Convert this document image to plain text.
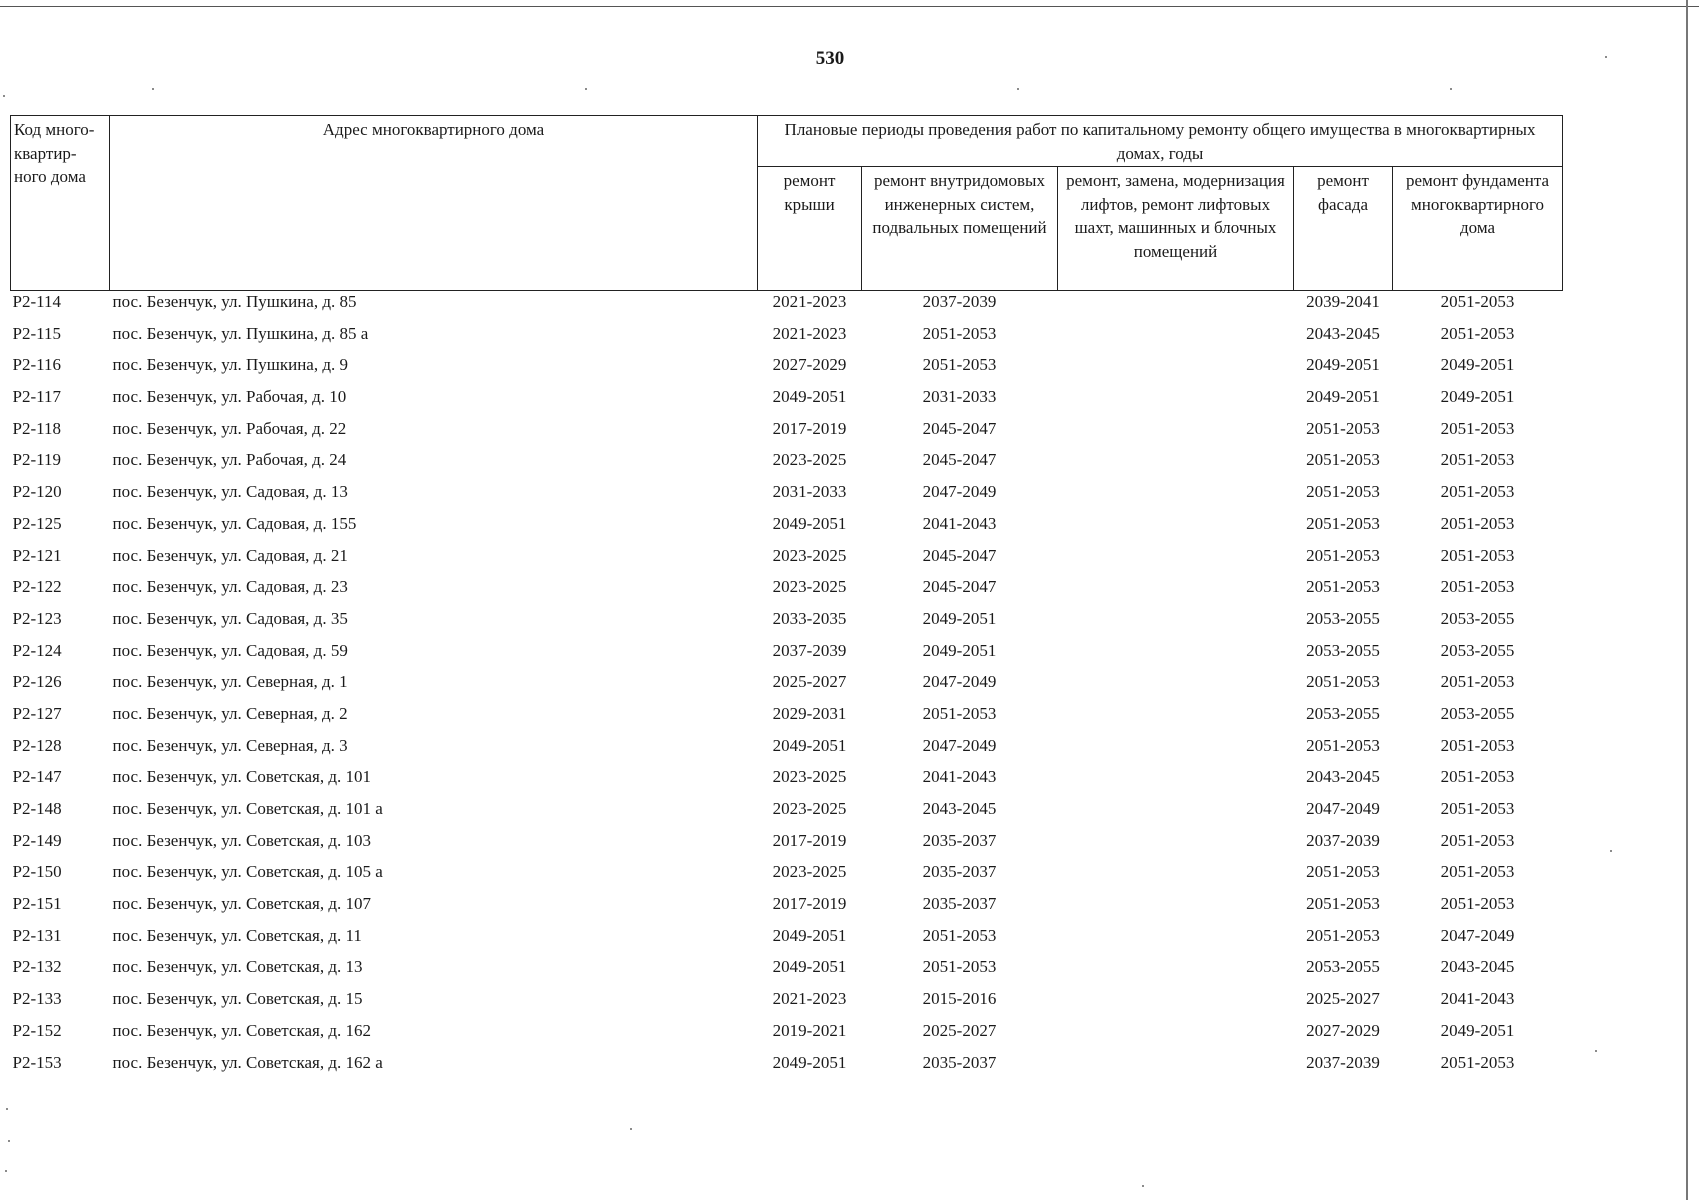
530
Код много-квартир-ного дома	Адрес многоквартирного дома	Плановые периоды проведения работ по капитальному ремонту общего имущества в многоквартирных домах, годы				
		ремонт крыши	ремонт внутридомовых инженерных систем, подвальных помещений	ремонт, замена, модернизация лифтов, ремонт лифтовых шахт, машинных и блочных помещений	ремонт фасада	ремонт фундамента многоквартирного дома
Р2-114	пос. Безенчук, ул. Пушкина, д. 85	2021-2023	2037-2039		2039-2041	2051-2053
Р2-115	пос. Безенчук, ул. Пушкина, д. 85 а	2021-2023	2051-2053		2043-2045	2051-2053
Р2-116	пос. Безенчук, ул. Пушкина, д. 9	2027-2029	2051-2053		2049-2051	2049-2051
Р2-117	пос. Безенчук, ул. Рабочая, д. 10	2049-2051	2031-2033		2049-2051	2049-2051
Р2-118	пос. Безенчук, ул. Рабочая, д. 22	2017-2019	2045-2047		2051-2053	2051-2053
Р2-119	пос. Безенчук, ул. Рабочая, д. 24	2023-2025	2045-2047		2051-2053	2051-2053
Р2-120	пос. Безенчук, ул. Садовая, д. 13	2031-2033	2047-2049		2051-2053	2051-2053
Р2-125	пос. Безенчук, ул. Садовая, д. 155	2049-2051	2041-2043		2051-2053	2051-2053
Р2-121	пос. Безенчук, ул. Садовая, д. 21	2023-2025	2045-2047		2051-2053	2051-2053
Р2-122	пос. Безенчук, ул. Садовая, д. 23	2023-2025	2045-2047		2051-2053	2051-2053
Р2-123	пос. Безенчук, ул. Садовая, д. 35	2033-2035	2049-2051		2053-2055	2053-2055
Р2-124	пос. Безенчук, ул. Садовая, д. 59	2037-2039	2049-2051		2053-2055	2053-2055
Р2-126	пос. Безенчук, ул. Северная, д. 1	2025-2027	2047-2049		2051-2053	2051-2053
Р2-127	пос. Безенчук, ул. Северная, д. 2	2029-2031	2051-2053		2053-2055	2053-2055
Р2-128	пос. Безенчук, ул. Северная, д. 3	2049-2051	2047-2049		2051-2053	2051-2053
Р2-147	пос. Безенчук, ул. Советская, д. 101	2023-2025	2041-2043		2043-2045	2051-2053
Р2-148	пос. Безенчук, ул. Советская, д. 101 а	2023-2025	2043-2045		2047-2049	2051-2053
Р2-149	пос. Безенчук, ул. Советская, д. 103	2017-2019	2035-2037		2037-2039	2051-2053
Р2-150	пос. Безенчук, ул. Советская, д. 105 а	2023-2025	2035-2037		2051-2053	2051-2053
Р2-151	пос. Безенчук, ул. Советская, д. 107	2017-2019	2035-2037		2051-2053	2051-2053
Р2-131	пос. Безенчук, ул. Советская, д. 11	2049-2051	2051-2053		2051-2053	2047-2049
Р2-132	пос. Безенчук, ул. Советская, д. 13	2049-2051	2051-2053		2053-2055	2043-2045
Р2-133	пос. Безенчук, ул. Советская, д. 15	2021-2023	2015-2016		2025-2027	2041-2043
Р2-152	пос. Безенчук, ул. Советская, д. 162	2019-2021	2025-2027		2027-2029	2049-2051
Р2-153	пос. Безенчук, ул. Советская, д. 162 а	2049-2051	2035-2037		2037-2039	2051-2053
